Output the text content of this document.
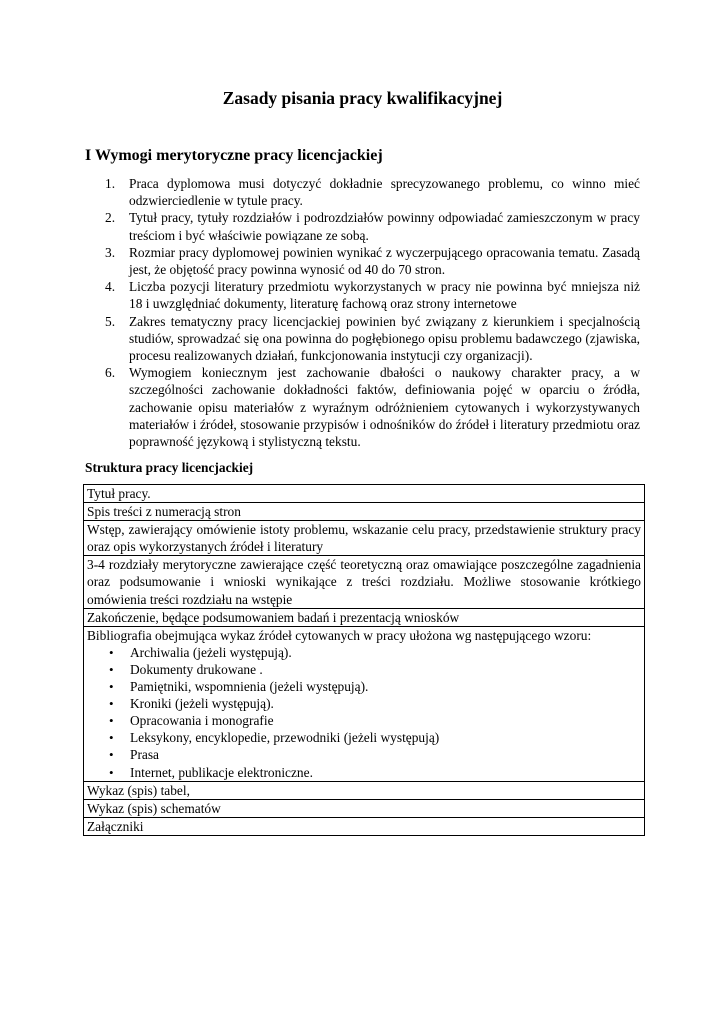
Zasady pisania pracy kwalifikacyjnej
I Wymogi merytoryczne pracy licencjackiej
1. Praca dyplomowa musi dotyczyć dokładnie sprecyzowanego problemu, co winno mieć odzwierciedlenie w tytule pracy.
2. Tytuł pracy, tytuły rozdziałów i podrozdziałów powinny odpowiadać zamieszczonym w pracy treściom i być właściwie powiązane ze sobą.
3. Rozmiar pracy dyplomowej powinien wynikać z wyczerpującego opracowania tematu. Zasadą jest, że objętość pracy powinna wynosić od 40 do 70 stron.
4. Liczba pozycji literatury przedmiotu wykorzystanych w pracy nie powinna być mniejsza niż 18 i uwzględniać dokumenty, literaturę fachową oraz strony internetowe
5. Zakres tematyczny pracy licencjackiej powinien być związany z kierunkiem i specjalnością studiów, sprowadzać się ona powinna do pogłębionego opisu problemu badawczego (zjawiska, procesu realizowanych działań, funkcjonowania instytucji czy organizacji).
6. Wymogiem koniecznym jest zachowanie dbałości o naukowy charakter pracy, a w szczególności zachowanie dokładności faktów, definiowania pojęć w oparciu o źródła, zachowanie opisu materiałów z wyraźnym odróżnieniem cytowanych i wykorzystywanych materiałów i źródeł, stosowanie przypisów i odnośników do źródeł i literatury przedmiotu oraz poprawność językową i stylistyczną tekstu.
Struktura pracy licencjackiej
Tytuł pracy.
Spis treści z numeracją stron
Wstęp, zawierający omówienie istoty problemu, wskazanie celu pracy, przedstawienie struktury pracy oraz opis wykorzystanych źródeł i literatury
3-4 rozdziały merytoryczne zawierające część teoretyczną oraz omawiające poszczególne zagadnienia oraz podsumowanie i wnioski wynikające z treści rozdziału. Możliwe stosowanie krótkiego omówienia treści rozdziału na wstępie
Zakończenie, będące podsumowaniem badań i prezentacją wniosków

Bibliografia obejmująca wykaz źródeł cytowanych w pracy ułożona wg następującego wzoru:
• Archiwalia (jeżeli występują).
• Dokumenty drukowane .
• Pamiętniki, wspomnienia (jeżeli występują).
• Kroniki (jeżeli występują).
• Opracowania i monografie
• Leksykony, encyklopedie, przewodniki (jeżeli występują)
• Prasa
• Internet, publikacje elektroniczne.

Wykaz (spis) tabel,
Wykaz (spis) schematów
Załączniki
